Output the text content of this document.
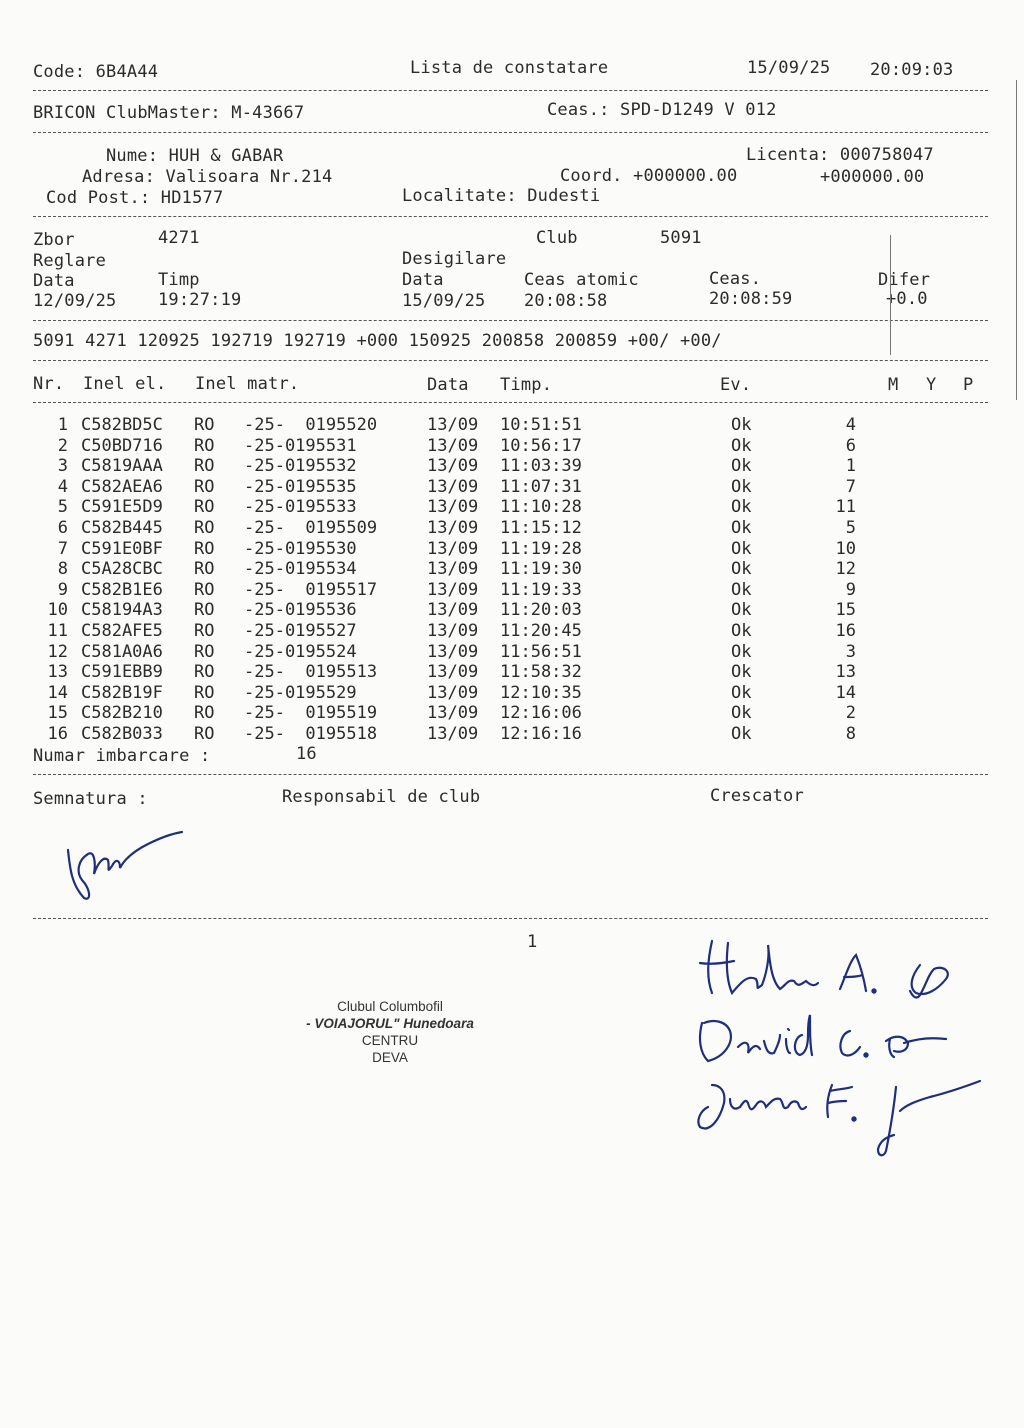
Code: 6B4A44	Lista de constatare	15/09/25 20:09:03
BRICON ClubMaster: M-43667	Ceas.: SPD-D1249 V 012
Nume: HUH & GABAR	Licenta: 000758047
Adresa: Valisoara Nr.214	Coord. +000000.00	+000000.00
Cod Post.: HD1577	Localitate: Dudesti
Zbor	4271	Club	5091
Reglare	Desigilare
Data	Timp	Data	Ceas atomic	Ceas.	Difer
12/09/25 19:27:19	15/09/25 20:08:58	20:08:59	+0.0
5091 4271 120925 192719 192719 +000 150925 200858 200859 +00/ +00/
Nr. Inel el. Inel matr.	Data Timp.	Ev.	M Y P
1 C582BD5C RO -25-  0195520	13/09 10:51:51	Ok	4
2 C50BD716 RO -25-0195531	13/09 10:56:17	Ok	6
3 C5819AAA RO -25-0195532	13/09 11:03:39	Ok	1
4 C582AEA6 RO -25-0195535	13/09 11:07:31	Ok	7
5 C591E5D9 RO -25-0195533	13/09 11:10:28	Ok	11
6 C582B445 RO -25-  0195509	13/09 11:15:12	Ok	5
7 C591E0BF RO -25-0195530	13/09 11:19:28	Ok	10
8 C5A28CBC RO -25-0195534	13/09 11:19:30	Ok	12
9 C582B1E6 RO -25-  0195517	13/09 11:19:33	Ok	9
10 C58194A3 RO -25-0195536	13/09 11:20:03	Ok	15
11 C582AFE5 RO -25-0195527	13/09 11:20:45	Ok	16
12 C581A0A6 RO -25-0195524	13/09 11:56:51	Ok	3
13 C591EBB9 RO -25-  0195513	13/09 11:58:32	Ok	13
14 C582B19F RO -25-0195529	13/09 12:10:35	Ok	14
15 C582B210 RO -25-  0195519	13/09 12:16:06	Ok	2
16 C582B033 RO -25-  0195518	13/09 12:16:16	Ok	8
Numar imbarcare :	16
Semnatura :	Responsabil de club	Crescator
1
Clubul Columbofil
- VOIAJORUL" Hunedoara
CENTRU
DEVA
